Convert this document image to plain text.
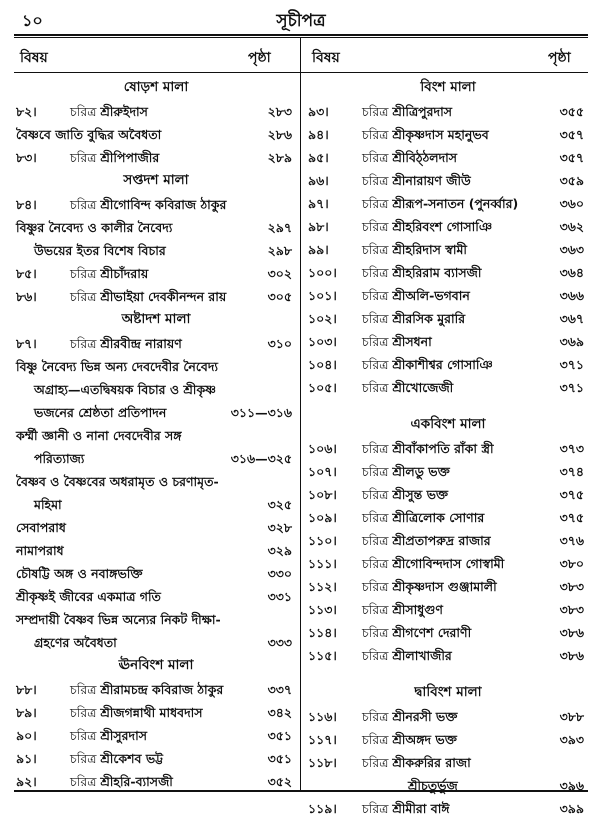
১০	সূচীপত্র
বিষয়	পৃষ্ঠা	বিষয়	পৃষ্ঠা
ষোড়শ মালা
৮২।	চরিত্র শ্রীরুইদাস	২৮৩
বৈষ্ণবে জাতি বুদ্ধির অবৈধতা	২৮৬
৮৩।	চরিত্র শ্রীপিপাজীর	২৮৯
সপ্তদশ মালা
৮৪।	চরিত্র শ্রীগোবিন্দ কবিরাজ ঠাকুর
বিষ্ণুর নৈবেদ্য ও কালীর নৈবেদ্য	২৯৭
উভয়ের ইতর বিশেষ বিচার	২৯৮
৮৫।	চরিত্র শ্রীচাঁদরায়	৩০২
৮৬।	চরিত্র শ্রীভাইয়া দেবকীনন্দন রায়	৩০৫
অষ্টাদশ মালা
৮৭।	চরিত্র শ্রীরবীন্দ্র নারায়ণ	৩১০
বিষ্ণু নৈবেদ্য ভিন্ন অন্য দেবদেবীর নৈবেদ্য
অগ্রাহ্য—এতদ্বিষয়ক বিচার ও শ্রীকৃষ্ণ
ভজনের শ্রেষ্ঠতা প্রতিপাদন	৩১১—৩১৬
কর্ম্মী জ্ঞানী ও নানা দেবদেবীর সঙ্গ
পরিত্যাজ্য	৩১৬—৩২৫
বৈষ্ণব ও বৈষ্ণবের অধরামৃত ও চরণামৃত-
মহিমা	৩২৫
সেবাপরাধ	৩২৮
নামাপরাধ	৩২৯
চৌষট্টি অঙ্গ ও নবাঙ্গভক্তি	৩৩০
শ্রীকৃষ্ণই জীবের একমাত্র গতি	৩৩১
সম্প্রদায়ী বৈষ্ণব ভিন্ন অন্যের নিকট দীক্ষা-
গ্রহণের অবৈধতা	৩৩৩
ঊনবিংশ মালা
৮৮।	চরিত্র শ্রীরামচন্দ্র কবিরাজ ঠাকুর	৩৩৭
৮৯।	চরিত্র শ্রীজগন্নাথী মাধবদাস	৩৪২
৯০।	চরিত্র শ্রীসুরদাস	৩৫১
৯১।	চরিত্র শ্রীকেশব ভট্ট	৩৫১
৯২।	চরিত্র শ্রীহরি-ব্যাসজী	৩৫২
বিংশ মালা
৯৩।	চরিত্র শ্রীত্রিপুরদাস	৩৫৫
৯৪।	চরিত্র শ্রীকৃষ্ণদাস মহানুভব	৩৫৭
৯৫।	চরিত্র শ্রীবিঠ্ঠলদাস	৩৫৭
৯৬।	চরিত্র শ্রীনারায়ণ জীউ	৩৫৯
৯৭।	চরিত্র শ্রীরূপ-সনাতন (পুনর্ব্বার)	৩৬০
৯৮।	চরিত্র শ্রীহরিবংশ গোসাঞি	৩৬২
৯৯।	চরিত্র শ্রীহরিদাস স্বামী	৩৬৩
১০০। চরিত্র শ্রীহরিরাম ব্যাসজী	৩৬৪
১০১। চরিত্র শ্রীঅলি-ভগবান	৩৬৬
১০২। চরিত্র শ্রীরসিক মুরারি	৩৬৭
১০৩। চরিত্র শ্রীসধনা	৩৬৯
১০৪। চরিত্র শ্রীকাশীশ্বর গোসাঞি	৩৭১
১০৫। চরিত্র শ্রীখোজেজী	৩৭১
একবিংশ মালা
১০৬। চরিত্র শ্রীবাঁকাপতি রাঁকা স্ত্রী	৩৭৩
১০৭। চরিত্র শ্রীলডু ভক্ত	৩৭৪
১০৮। চরিত্র শ্রীসুন্ত ভক্ত	৩৭৫
১০৯। চরিত্র শ্রীত্রিলোক সোণার	৩৭৫
১১০। চরিত্র শ্রীপ্রতাপরুদ্র রাজার	৩৭৬
১১১। চরিত্র শ্রীগোবিন্দদাস গোস্বামী	৩৮০
১১২। চরিত্র শ্রীকৃষ্ণদাস গুঞ্জামালী	৩৮৩
১১৩। চরিত্র শ্রীসাধুগুণ	৩৮৩
১১৪। চরিত্র শ্রীগণেশ দেরাণী	৩৮৬
১১৫। চরিত্র শ্রীলাখাজীর	৩৮৬
দ্বাবিংশ মালা
১১৬। চরিত্র শ্রীনরসী ভক্ত	৩৮৮
১১৭। চরিত্র শ্রীঅঙ্গদ ভক্ত	৩৯৩
১১৮। চরিত্র শ্রীকরুরির রাজা
শ্রীচতুর্ভুজ	৩৯৬
১১৯। চরিত্র শ্রীমীরা বাঈ	৩৯৯
